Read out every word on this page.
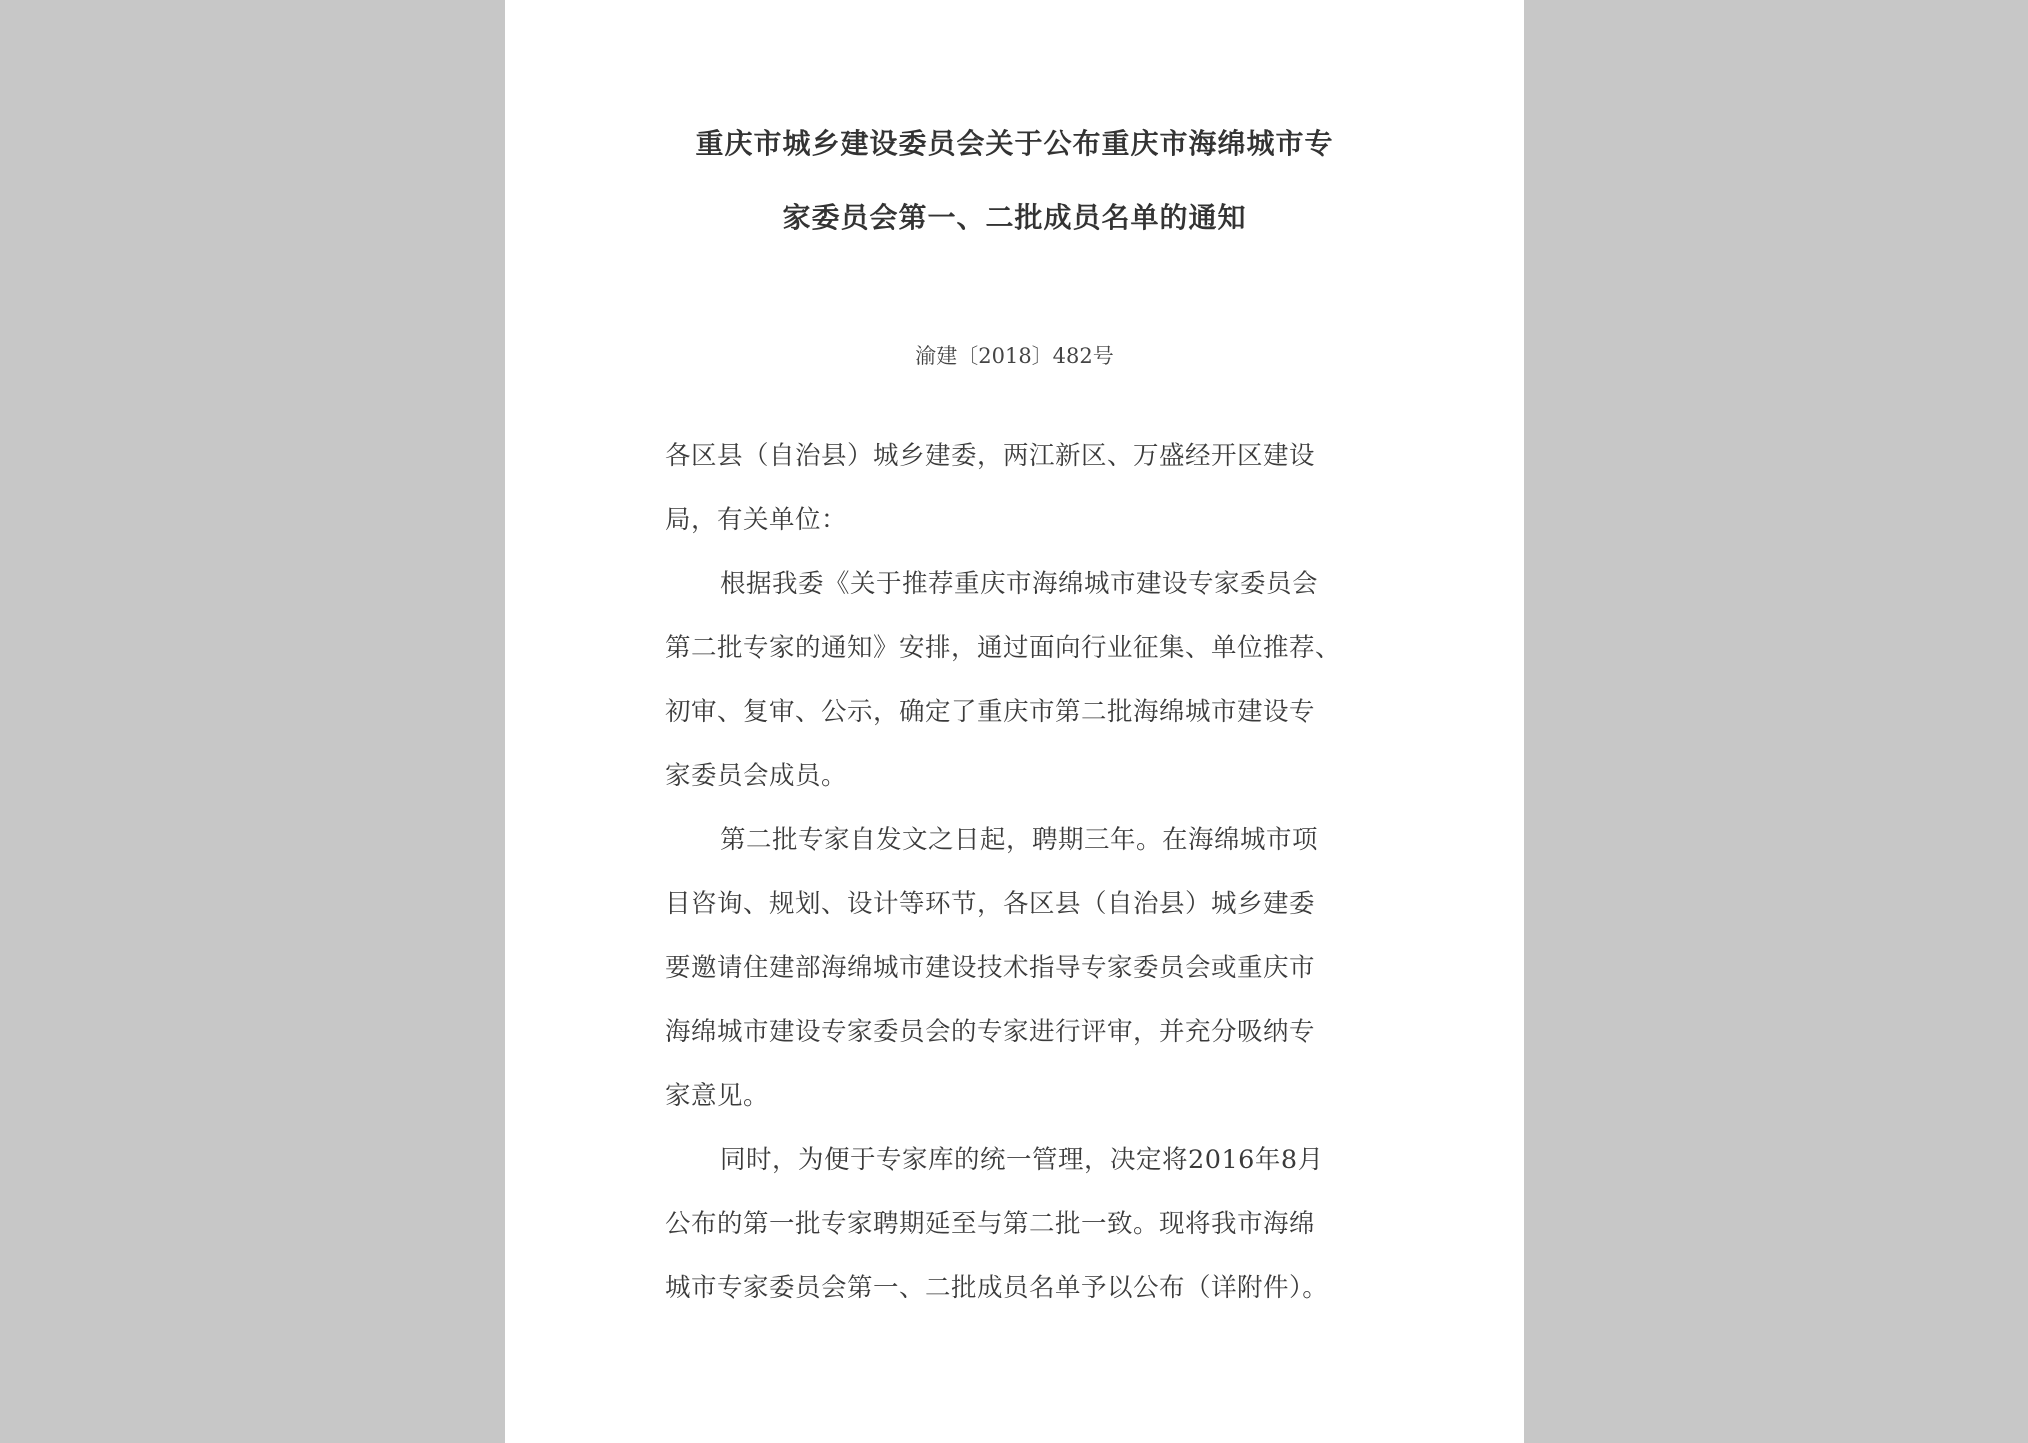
重庆市城乡建设委员会关于公布重庆市海绵城市专
家委员会第一、二批成员名单的通知
渝建〔2018〕482号
各区县（自治县）城乡建委，两江新区、万盛经开区建设
局，有关单位：
根据我委《关于推荐重庆市海绵城市建设专家委员会
第二批专家的通知》安排，通过面向行业征集、单位推荐、
初审、复审、公示，确定了重庆市第二批海绵城市建设专
家委员会成员。
第二批专家自发文之日起，聘期三年。在海绵城市项
目咨询、规划、设计等环节，各区县（自治县）城乡建委
要邀请住建部海绵城市建设技术指导专家委员会或重庆市
海绵城市建设专家委员会的专家进行评审，并充分吸纳专
家意见。
同时，为便于专家库的统一管理，决定将2016年8月
公布的第一批专家聘期延至与第二批一致。现将我市海绵
城市专家委员会第一、二批成员名单予以公布（详附件）。
